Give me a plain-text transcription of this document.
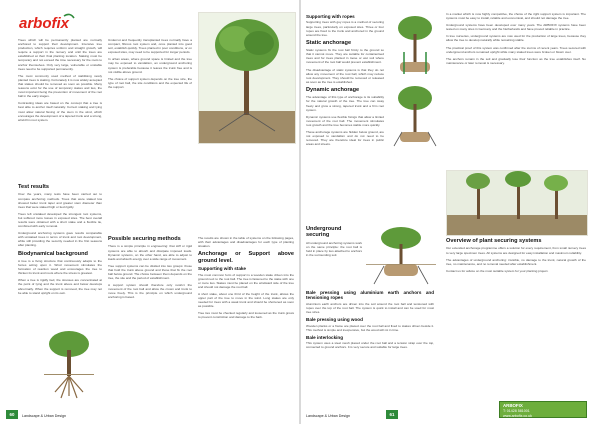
arbofix

Trees which will be permanently planted are normally anchored to support their development. Intensive tree production, which requires uniform and straight growth, will require a support in the nursery and until the trees are established at their final planting location. Staking must be temporary and not exceed the time necessary for the roots to anchor themselves. Only very large, vulnerable or unstable trees need to be supported permanently.

The most commonly used method of stabilising newly planted trees is staking. Fortunately it is now widely accepted that stakes should be removed as soon as possible. Many reasons exist for the use of temporary stakes and ties, the most important being the prevention of movement of the root ball in the early stages.

Contrasting ideas are based on the concept that a tree is best able to anchor itself naturally. Correct staking and tying must allow natural flexing of the stem in the wind, which encourages the development of a tapered trunk and a strong, wind-firm root system.

Undercut and frequently transplanted trees normally have a compact, fibrous root system and, once planted into good soil, establish quickly. Trees planted in poor conditions, or on exposed sites, may need to be supported for longer periods.

In urban areas, where ground space is limited and the tree may be exposed to vandalism, an underground anchoring system is preferable because it leaves the trunk free and is not visible above ground.

The choice of support system depends on the tree size, the type of root ball, the site conditions and the expected life of the support.

Test results

Over the years, many tests have been carried out to compare anchoring methods. Trees that were staked low showed better trunk taper and greater stem diameter than trees that were staked high or tied rigidly.

Trees left unstaked developed the strongest root systems, but suffered more losses in exposed sites. The best overall results were obtained with a short stake and a flexible tie, combined with early removal.

Underground anchoring systems gave results comparable with unstaked trees in terms of trunk and root development, while still providing the security needed in the first seasons after planting.

Biodynamical background

A tree is a living structure that continuously adapts to the forces acting upon it. Wind movement stimulates the formation of reaction wood and encourages the tree to thicken its trunk and roots where the stress is greatest.

When a tree is rigidly tied, the stresses are concentrated at the point of tying and the trunk above and below develops abnormally. When the support is removed, the tree may not be able to stand upright on its own.

Possible securing methods

There is a simple principle in engineering: that stiff or rigid systems are able to absorb and dissipate imposed loads. Dynamic systems, on the other hand, are able to adjust to loads and absorb energy over a wide range of movement.

Tree support systems can be divided into two groups: those that hold the trunk above ground and those that fix the root ball below ground. The choice between them depends on the tree, the site and the period of establishment.

A support system should therefore only restrict the movement of the root ball and allow the crown and trunk to move freely. This is the principle on which underground anchoring is based.

The results are shown in the table of systems on the following pages, with their advantages and disadvantages for each type of planting situation.

Anchorage or Support above ground level.
Supporting with stake

The most common form of support is a wooden stake driven into the ground next to the root ball. The tree is fastened to the stake with one or more ties. Stakes must be placed on the windward side of the tree and should not damage the root ball.

A short stake, about one third of the height of the trunk, allows the upper part of the tree to move in the wind. Long stakes are only needed for trees with a weak trunk and should be shortened as soon as possible.

Tree ties must be checked regularly and loosened as the trunk grows to prevent constriction and damage to the bark.

Supporting with ropes

Supporting trees with guy ropes is a method of securing large trees, particularly on exposed sites. Three or four ropes are fixed to the trunk and anchored in the ground around the tree.

Static anchorage

Static systems fix the root ball firmly to the ground so that it cannot move. They are suitable for containerised trees and for trees planted in loose or wet soil where movement of the root ball would prevent establishment.

The disadvantage of static systems is that they do not allow any movement of the root ball, which may reduce root development. They should be removed or released as soon as the tree is established.

Dynamic anchorage

The advantage of this type of anchorage is its suitability for the natural growth of the tree. The tree can sway freely and grow a strong, tapered trunk and a firm root system.

Dynamic systems use flexible fixings that allow a limited movement of the root ball. The movement stimulates root growth and the tree becomes stable more quickly.

These anchorage systems are hidden below ground, are not exposed to vandalism and do not need to be removed. They are therefore ideal for trees in public areas and streets.

In a market which is now highly competitive, the choice of the right support system is important. The systems must be easy to install, reliable and economical, and should not damage the tree.

Underground systems have been developed over many years. The ARBOFIX systems have been tested on many sites in Germany and the Netherlands and have proved reliable in practice.

In tree nurseries, underground systems are now used for the production of large trees, because they allow the tree to develop naturally while remaining stable.

The practical proof of this system was confirmed after the storms of recent years. Trees secured with underground anchors remained upright while many staked trees were broken or blown over.

The anchors remain in the soil and gradually lose their function as the tree establishes itself. No maintenance or later removal is necessary.

Underground securing

All underground anchoring systems work on the same principle: the root ball is held in place by ties attached to anchors in the surrounding soil.

Bale pressing using aluminium earth anchors and tensioning ropes

Aluminium earth anchors are driven into the soil around the root ball and tensioned with ropes over the top of the root ball. The system is quick to install and can be used for most tree sizes.

Bale pressing using wood

Wooden planks or a frame are placed over the root ball and fixed to stakes driven beside it. This method is simple and inexpensive, but the wood will rot in time.

Bale interlocking

This system uses a steel mesh placed under the root ball and a tension strap over the top, connected to ground anchors. It is very secure and suitable for large trees.

Overview of plant securing systems

Our extended anchorage programme offers a solution for every requirement, from small nursery trees to very large specimen trees. All systems are designed for easy installation and maximum reliability.

The advantages of underground anchoring: invisible, no damage to the trunk, natural growth of the tree, no maintenance, and no removal needed after establishment.

Contact us for advice on the most suitable system for your planting project.

ARBOFIX
T: 01428 581001
www.arbofix.co.uk
60	Landscape & Urban Design	Landscape & Urban Design	61
